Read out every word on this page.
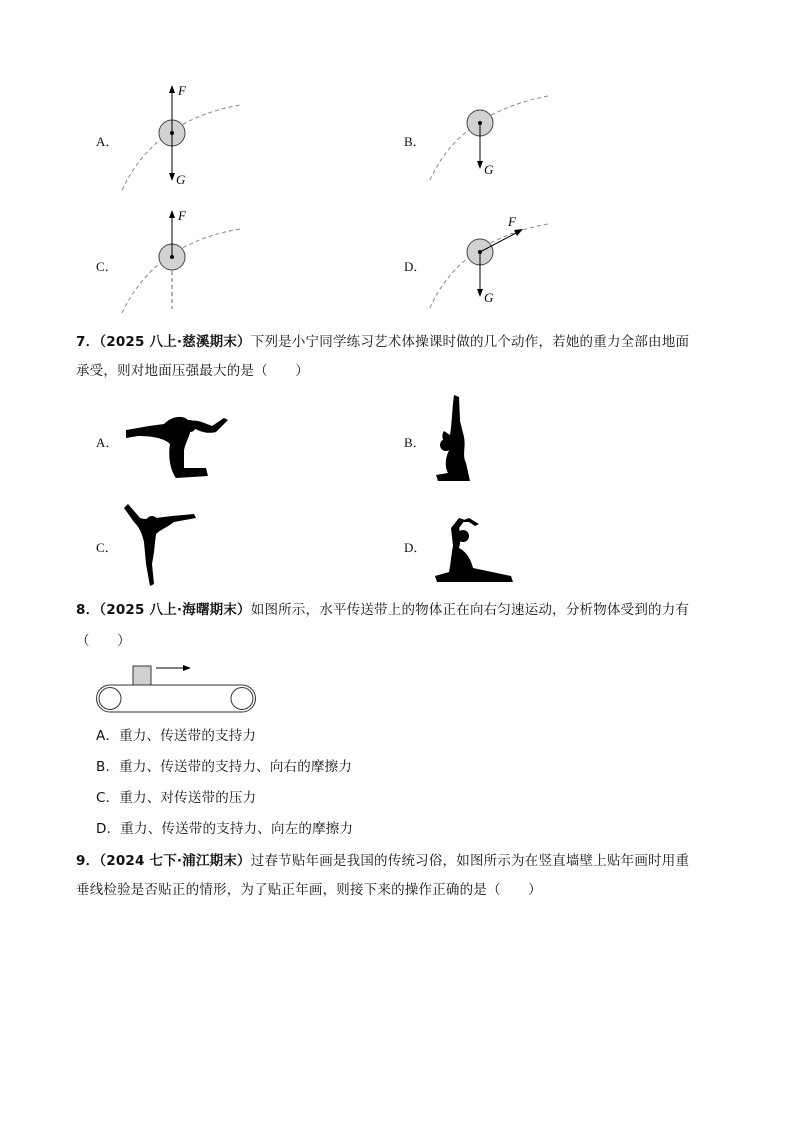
A．
F
G
B．
G
C．
F
D．
F
G
7．（2025 八上·慈溪期末）下列是小宁同学练习艺术体操课时做的几个动作，若她的重力全部由地面
承受，则对地面压强最大的是（　　）
A．	B．
C．	D．
8．（2025 八上·海曙期末）如图所示，水平传送带上的物体正在向右匀速运动，分析物体受到的力有
（　　）
A．重力、传送带的支持力
B．重力、传送带的支持力、向右的摩擦力
C．重力、对传送带的压力
D．重力、传送带的支持力、向左的摩擦力
9．（2024 七下·浦江期末）过春节贴年画是我国的传统习俗，如图所示为在竖直墙壁上贴年画时用重
垂线检验是否贴正的情形，为了贴正年画，则接下来的操作正确的是（　　）
